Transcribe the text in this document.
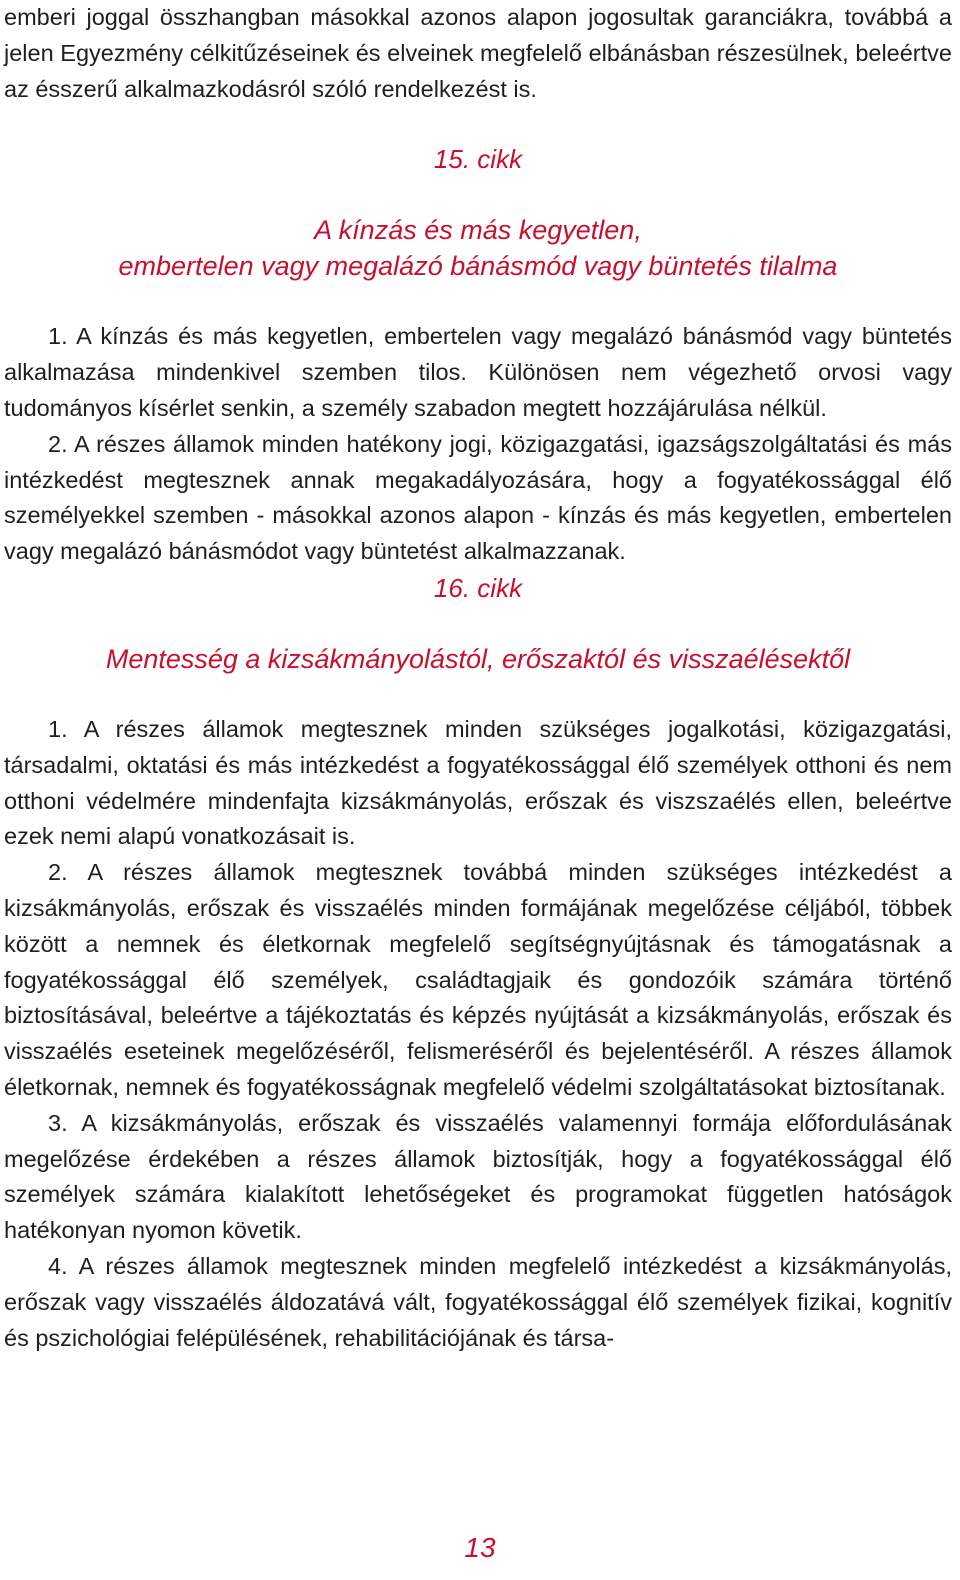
emberi joggal összhangban másokkal azonos alapon jogosultak garanciákra, továbbá a jelen Egyezmény célkitűzéseinek és elveinek megfelelő elbánásban részesülnek, beleértve az ésszerű alkalmazkodásról szóló rendelkezést is.

15. cikk

A kínzás és más kegyetlen,

embertelen vagy megalázó bánásmód vagy büntetés tilalma

1. A kínzás és más kegyetlen, embertelen vagy megalázó bánásmód vagy büntetés alkalmazása mindenkivel szemben tilos. Különösen nem végezhető orvosi vagy tudományos kísérlet senkin, a személy szabadon megtett hozzájárulása nélkül.

2. A részes államok minden hatékony jogi, közigazgatási, igazságszolgáltatási és más intézkedést megtesznek annak megakadályozására, hogy a fogyatékossággal élő személyekkel szemben - másokkal azonos alapon - kínzás és más kegyetlen, embertelen vagy megalázó bánásmódot vagy büntetést alkalmazzanak.

16. cikk

Mentesség a kizsákmányolástól, erőszaktól és visszaélésektől

1. A részes államok megtesznek minden szükséges jogalkotási, közigazgatási, társadalmi, oktatási és más intézkedést a fogyatékossággal élő személyek otthoni és nem otthoni védelmére mindenfajta kizsákmányolás, erőszak és viszszaélés ellen, beleértve ezek nemi alapú vonatkozásait is.

2. A részes államok megtesznek továbbá minden szükséges intézkedést a kizsákmányolás, erőszak és visszaélés minden formájának megelőzése céljából, többek között a nemnek és életkornak megfelelő segítségnyújtásnak és támogatásnak a fogyatékossággal élő személyek, családtagjaik és gondozóik számára történő biztosításával, beleértve a tájékoztatás és képzés nyújtását a kizsákmányolás, erőszak és visszaélés eseteinek megelőzéséről, felismeréséről és bejelentéséről. A részes államok életkornak, nemnek és fogyatékosságnak megfelelő védelmi szolgáltatásokat biztosítanak.

3. A kizsákmányolás, erőszak és visszaélés valamennyi formája előfordulásának megelőzése érdekében a részes államok biztosítják, hogy a fogyatékossággal élő személyek számára kialakított lehetőségeket és programokat független hatóságok hatékonyan nyomon követik.

4. A részes államok megtesznek minden megfelelő intézkedést a kizsákmányolás, erőszak vagy visszaélés áldozatává vált, fogyatékossággal élő személyek fizikai, kognitív és pszichológiai felépülésének, rehabilitációjának és társa-

13
